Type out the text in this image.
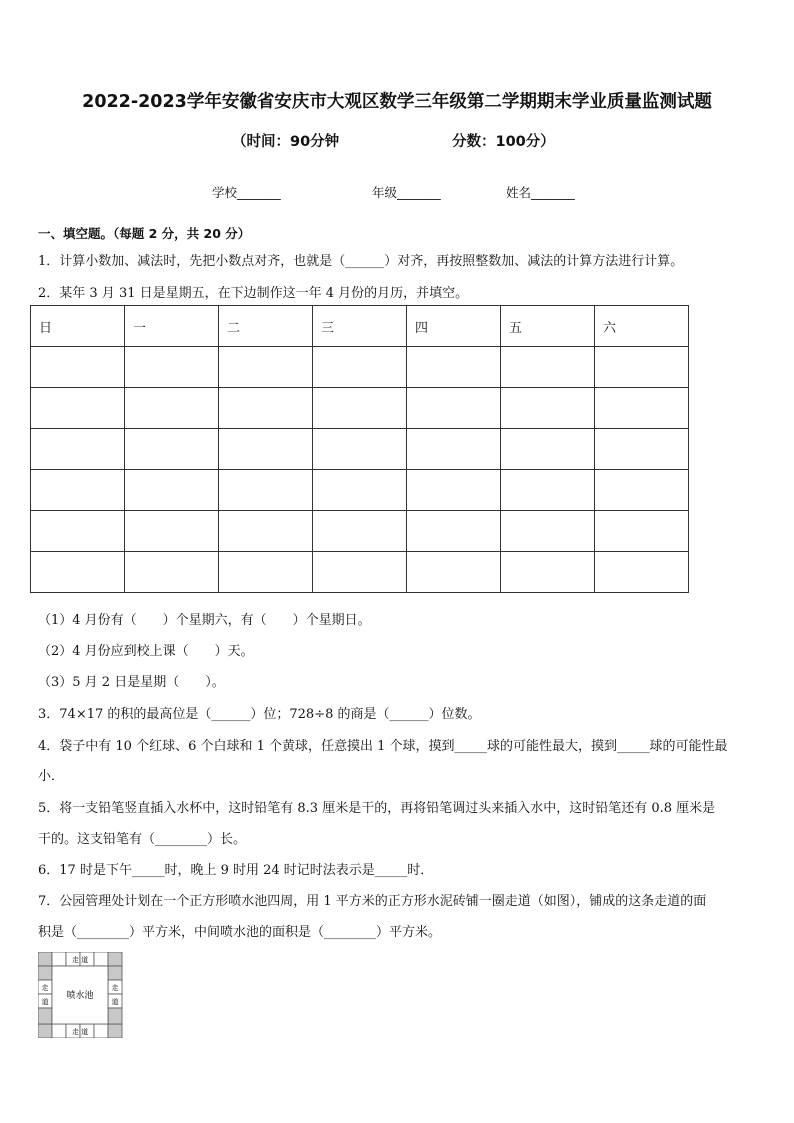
2022-2023学年安徽省安庆市大观区数学三年级第二学期期末学业质量监测试题
（时间：90分钟	分数：100分）
学校_______	年级_______	姓名_______
一、填空题。（每题 2 分，共 20 分）
1．计算小数加、减法时，先把小数点对齐，也就是（______）对齐，再按照整数加、减法的计算方法进行计算。
2．某年 3 月 31 日是星期五，在下边制作这一年 4 月份的月历，并填空。
日	一	二	三	四	五	六

（1）4 月份有（　　）个星期六，有（　　）个星期日。
（2）4 月份应到校上课（　　）天。
（3）5 月 2 日是星期（　　）。
3．74×17 的积的最高位是（______）位；728÷8 的商是（______）位数。
4．袋子中有 10 个红球、6 个白球和 1 个黄球，任意摸出 1 个球，摸到_____球的可能性最大，摸到_____球的可能性最
小．
5．将一支铅笔竖直插入水杯中，这时铅笔有 8.3 厘米是干的，再将铅笔调过头来插入水中，这时铅笔还有 0.8 厘米是
干的。这支铅笔有（________）长。
6．17 时是下午_____时，晚上 9 时用 24 时记时法表示是_____时．
7．公园管理处计划在一个正方形喷水池四周，用 1 平方米的正方形水泥砖铺一圈走道（如图），铺成的这条走道的面
积是（________）平方米，中间喷水池的面积是（________）平方米。
喷水池
走 道
走 道
走
道
走
道
